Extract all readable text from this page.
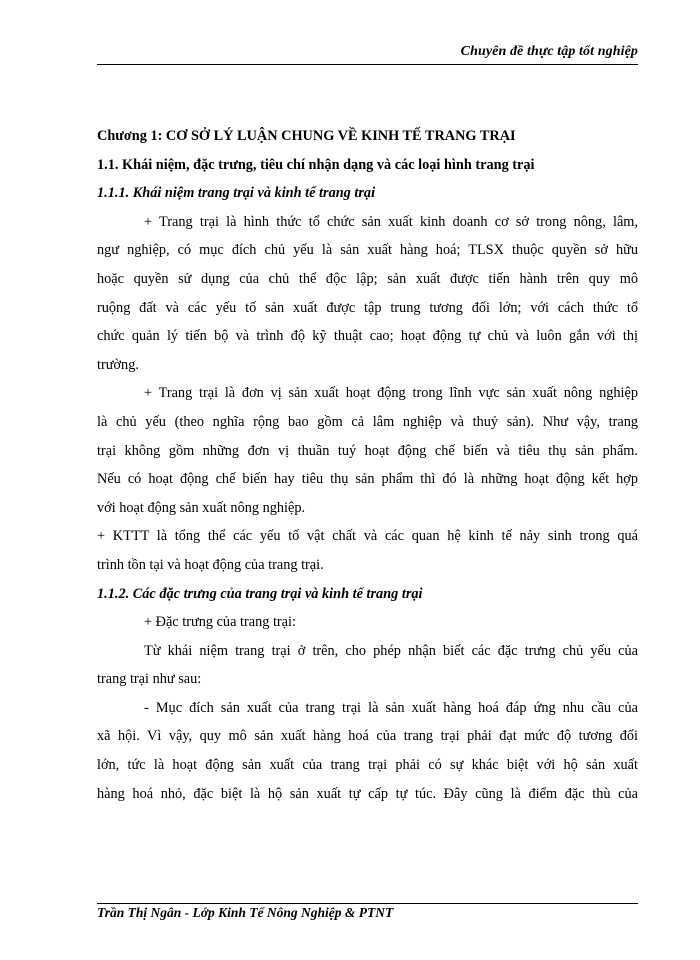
Chuyên đề thực tập tốt nghiệp
Chương 1: CƠ SỞ LÝ LUẬN CHUNG VỀ KINH TẾ TRANG TRẠI
1.1. Khái niệm, đặc trưng, tiêu chí nhận dạng và các loại hình trang trại
1.1.1. Khái niệm trang trại và kinh tế trang trại
+ Trang trại là hình thức tổ chức sản xuất kinh doanh cơ sở trong nông, lâm,
ngư nghiệp, có mục đích chủ yếu là sản xuất hàng hoá; TLSX thuộc quyền sở hữu
hoặc quyền sử dụng của chủ thể độc lập; sản xuất được tiến hành trên quy mô
ruộng đất và các yếu tố sản xuất được tập trung tương đối lớn; với cách thức tổ
chức quản lý tiến bộ và trình độ kỹ thuật cao; hoạt động tự chủ và luôn gắn với thị
trường.
+ Trang trại là đơn vị sản xuất hoạt động trong lĩnh vực sản xuất nông nghiệp
là chủ yếu (theo nghĩa rộng bao gồm cả lâm nghiệp và thuỷ sản). Như vậy, trang
trại không gồm những đơn vị thuần tuý hoạt động chế biến và tiêu thụ sản phẩm.
Nếu có hoạt động chế biến hay tiêu thụ sản phẩm thì đó là những hoạt động kết hợp
với hoạt động sản xuất nông nghiệp.
+ KTTT là tổng thể các yếu tố vật chất và các quan hệ kinh tế nảy sinh trong quá
trình tồn tại và hoạt động của trang trại.
1.1.2. Các đặc trưng của trang trại và kinh tế trang trại
+ Đặc trưng của trang trại:
Từ khái niệm trang trại ở trên, cho phép nhận biết các đặc trưng chủ yếu của
trang trại như sau:
- Mục đích sản xuất của trang trại là sản xuất hàng hoá đáp ứng nhu cầu của
xã hội. Vì vậy, quy mô sản xuất hàng hoá của trang trại phải đạt mức độ tương đối
lớn, tức là hoạt động sản xuất của trang trại phải có sự khác biệt với hộ sản xuất
hàng hoá nhỏ, đặc biệt là hộ sản xuất tự cấp tự túc. Đây cũng là điểm đặc thù của
Trần Thị Ngân - Lớp Kinh Tế Nông Nghiệp & PTNT
